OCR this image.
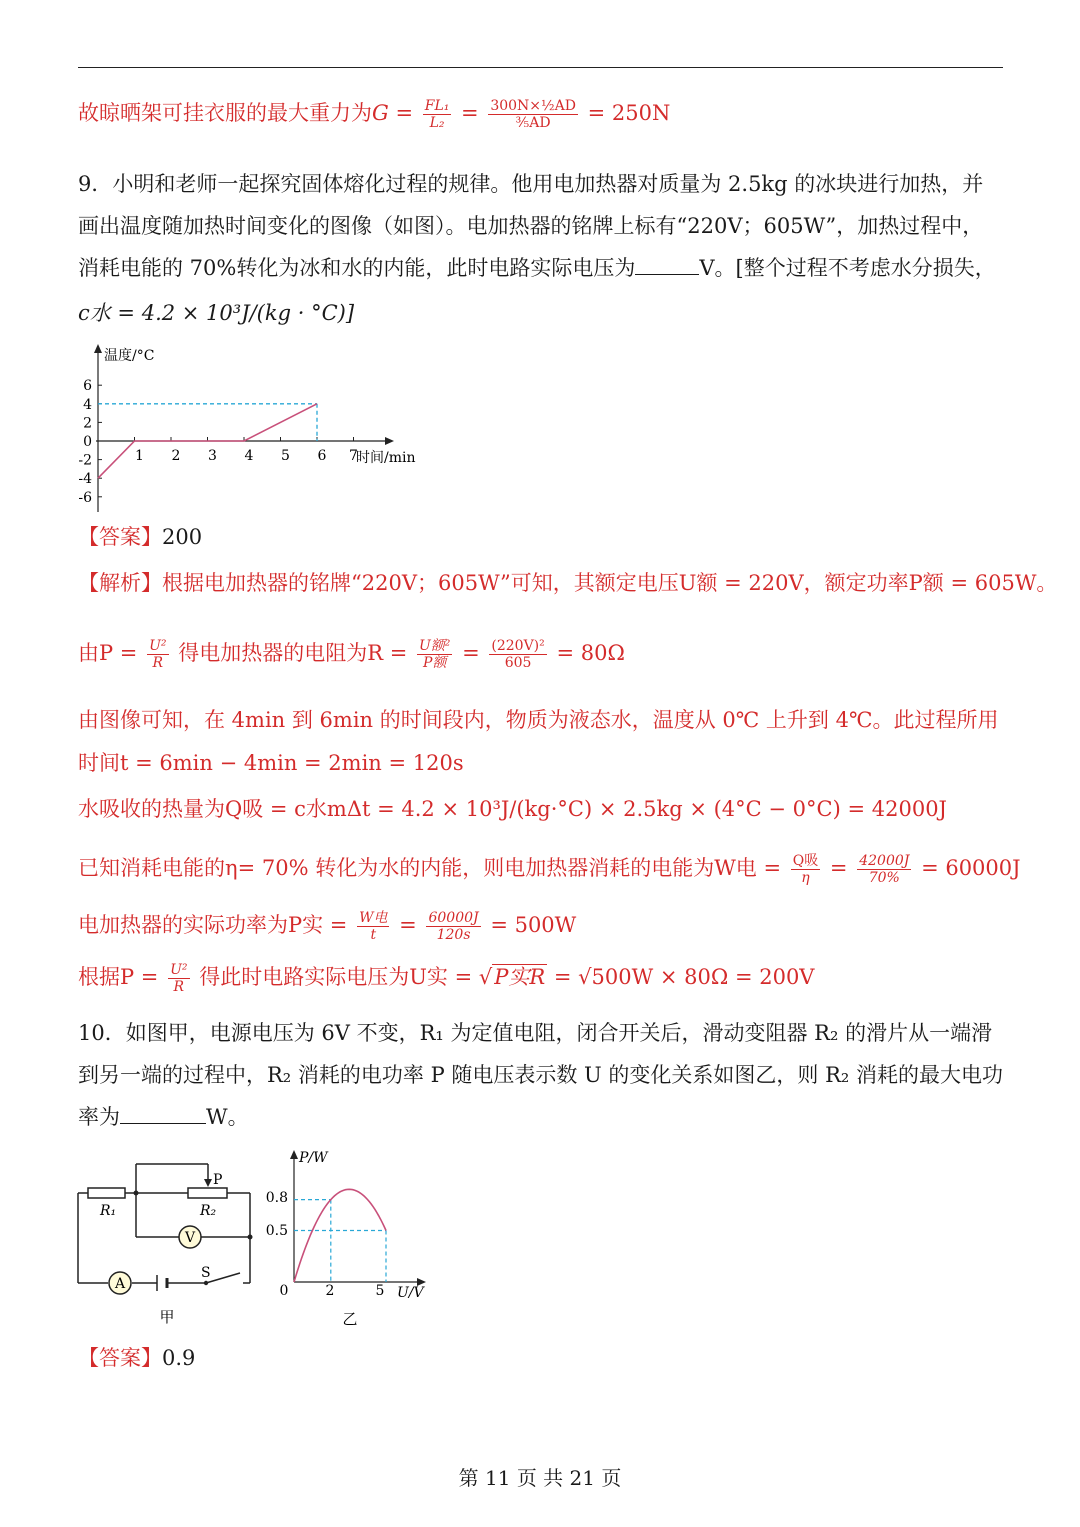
故晾晒架可挂衣服的最大重力为$G = \frac{\text{FL₁}}{\text{L₂}} = \frac{\text{300N×½AD}}{\text{⅗AD}} = 250N$
9．小明和老师一起探究固体熔化过程的规律。他用电加热器对质量为 2.5kg 的冰块进行加热，并
画出温度随加热时间变化的图像（如图）。电加热器的铭牌上标有“220V；605W”，加热过程中，
消耗电能的 70%转化为冰和水的内能，此时电路实际电压为	V。[整个过程不考虑水分损失，
c水 = 4.2 × 10³J/(kg · °C)]
温度/°C
时间/min
6
4
2
0
-2
-4
-6
1 2 3 4 5 6 7
【答案】200
【解析】根据电加热器的铭牌“220V；605W”可知，其额定电压U额 = 220V，额定功率P额 = 605W。
由$P = \frac{\text{U²}}{R}$ 得电加热器的电阻为$R = \frac{\text{U额²}}{\text{P额}} = \frac{\text{(220V)²}}{605} = 80\Omega$
由图像可知，在 4min 到 6min 的时间段内，物质为液态水，温度从 0℃ 上升到 4℃。此过程所用
时间t = 6min − 4min = 2min = 120s
水吸收的热量为Q吸 = c水mΔt = 4.2 × 10³J/(kg·°C) × 2.5kg × (4°C − 0°C) = 42000J
已知消耗电能的η= 70% 转化为水的内能，则电加热器消耗的电能为W电 = $\frac{\text{Q吸}}{\eta} = \frac{42000J}{70\%} = 60000J$
电加热器的实际功率为P实 = $\frac{\text{W电}}{t} = \frac{60000J}{120s} = 500W$
根据$P = \frac{\text{U²}}{R}$ 得此时电路实际电压为U实 = √P实R = √500W × 80Ω = 200V
10．如图甲，电源电压为 6V 不变，R₁ 为定值电阻，闭合开关后，滑动变阻器 R₂ 的滑片从一端滑
到另一端的过程中，R₂ 消耗的电功率 P 随电压表示数 U 的变化关系如图乙，则 R₂ 消耗的最大电功
率为	W。
V
A
R₁	R₂
P
S
甲
P/W
U/V
0.8
0.5
0	2	5
乙
【答案】0.9
第 11 页 共 21 页
